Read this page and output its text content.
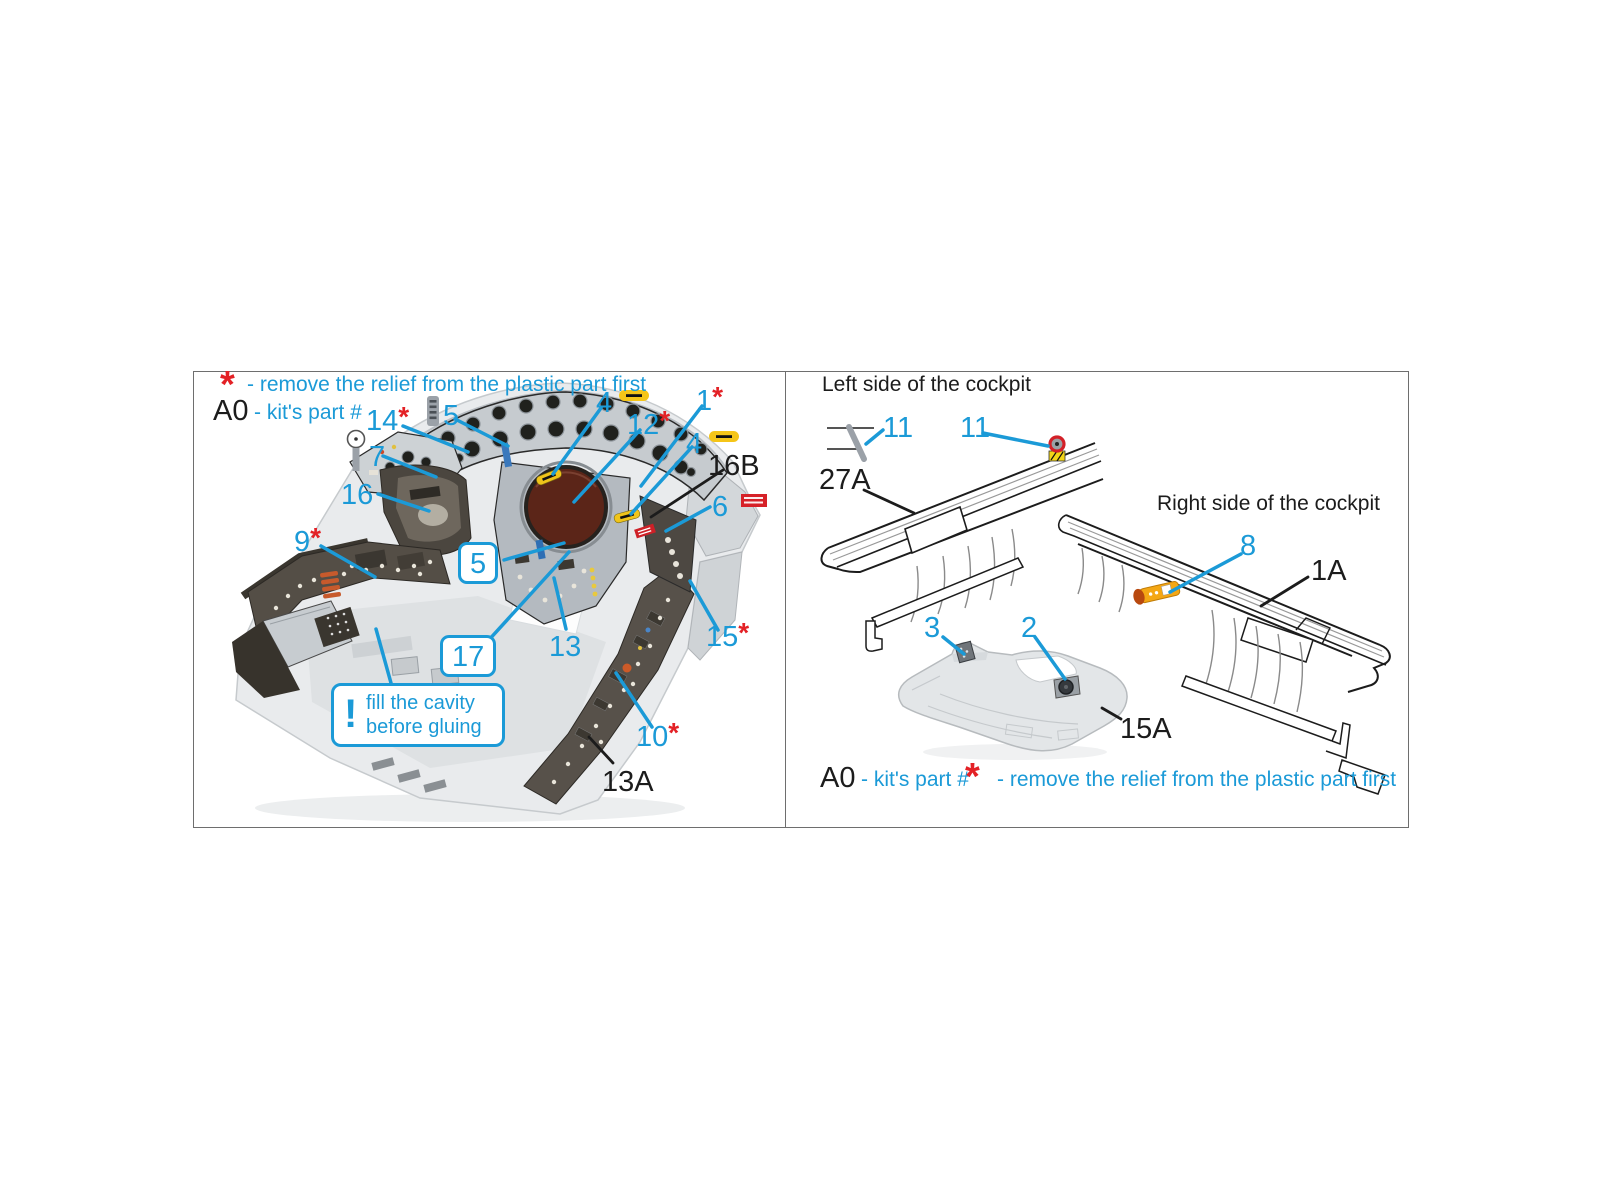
* - remove the relief from the plastic part first
A0 - kit's part # 14* 5
7
16
9*
4
12*
1*
4
16B
6
5
17	13	15*
10*
13A
! fill the cavity
before gluing
Left side of the cockpit
Right side of the cockpit
11 11
27A
8
1A
3	2
15A
A0 - kit's part #
* - remove the relief from the plastic part first
